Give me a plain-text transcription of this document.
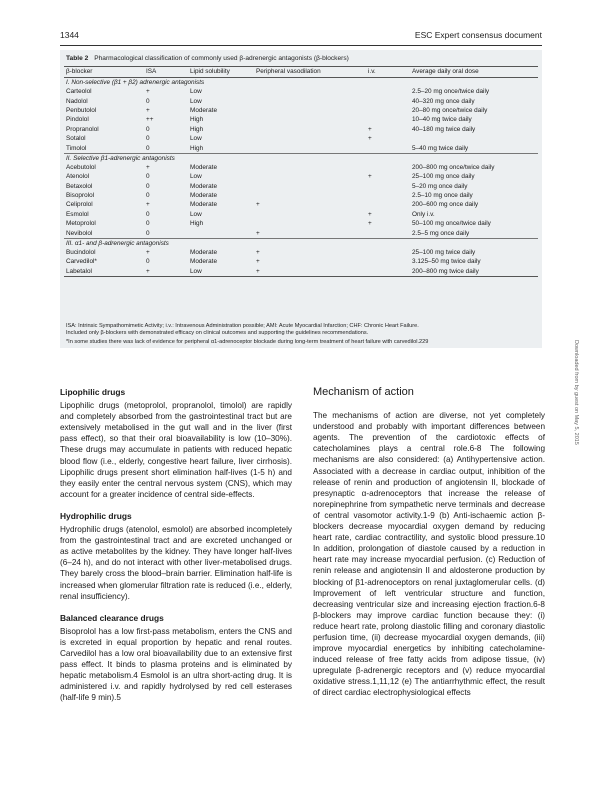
1344	ESC Expert consensus document
Table 2 Pharmacological classification of commonly used β-adrenergic antagonists (β-blockers)
β-blocker	ISA	Lipid solubility	Peripheral vasodilation	i.v.	Average daily oral dose
I. Non-selective (β1 + β2) adrenergic antagonists					
Carteolol	+	Low			2.5–20 mg once/twice daily
Nadolol	0	Low			40–320 mg once daily
Penbutolol	+	Moderate			20–80 mg once/twice daily
Pindolol	++	High			10–40 mg twice daily
Propranolol	0	High		+	40–180 mg twice daily
Sotalol	0	Low		+	
Timolol	0	High			5–40 mg twice daily
II. Selective β1-adrenergic antagonists					
Acebutolol	+	Moderate			200–800 mg once/twice daily
Atenolol	0	Low		+	25–100 mg once daily
Betaxolol	0	Moderate			5–20 mg once daily
Bisoprolol	0	Moderate			2.5–10 mg once daily
Celiprolol	+	Moderate	+		200–600 mg once daily
Esmolol	0	Low		+	Only i.v.
Metoprolol	0	High		+	50–100 mg once/twice daily
Nevibolol	0		+		2.5–5 mg once daily
III. α1- and β-adrenergic antagonists					
Bucindolol	+	Moderate	+		25–100 mg twice daily
Carvedilol*	0	Moderate	+		3.125–50 mg twice daily
Labetalol	+	Low	+		200–800 mg twice daily
ISA: Intrinsic Sympathomimetic Activity; i.v.: Intravenous Administration possible; AMI: Acute Myocardial Infarction; CHF: Chronic Heart Failure.
Included only β-blockers with demonstrated efficacy on clinical outcomes and supporting the guidelines recommendations.
*In some studies there was lack of evidence for peripheral α1-adrenoceptor blockade during long-term treatment of heart failure with carvedilol.229	Downloaded from by guest on May 5, 2015
Lipophilic drugs
Lipophilic drugs (metoprolol, propranolol, timolol) are rapidly and completely absorbed from the gastrointestinal tract but are extensively metabolised in the gut wall and in the liver (first pass effect), so that their oral bioavailability is low (10–30%). These drugs may accumulate in patients with reduced hepatic blood flow (i.e., elderly, congestive heart failure, liver cirrhosis). Lipophilic drugs present short elimination half-lives (1-5 h) and they easily enter the central nervous system (CNS), which may account for a greater incidence of central side-effects.
Hydrophilic drugs
Hydrophilic drugs (atenolol, esmolol) are absorbed incompletely from the gastrointestinal tract and are excreted unchanged or as active metabolites by the kidney. They have longer half-lives (6–24 h), and do not interact with other liver-metabolised drugs. They barely cross the blood–brain barrier. Elimination half-life is increased when glomerular filtration rate is reduced (i.e., elderly, renal insufficiency).
Balanced clearance drugs
Bisoprolol has a low first-pass metabolism, enters the CNS and is excreted in equal proportion by hepatic and renal routes. Carvedilol has a low oral bioavailability due to an extensive first pass effect. It binds to plasma proteins and is eliminated by hepatic metabolism.4 Esmolol is an ultra short-acting drug. It is administered i.v. and rapidly hydrolysed by red cell esterases (half-life 9 min).5
Mechanism of action
The mechanisms of action are diverse, not yet completely understood and probably with important differences between agents. The prevention of the cardiotoxic effects of catecholamines plays a central role.6-8 The following mechanisms are also considered: (a) Antihypertensive action. Associated with a decrease in cardiac output, inhibition of the release of renin and production of angiotensin II, blockade of presynaptic α-adrenoceptors that increase the release of norepinephrine from sympathetic nerve terminals and decrease of central vasomotor activity.1-9 (b) Anti-ischaemic action β-blockers decrease myocardial oxygen demand by reducing heart rate, cardiac contractility, and systolic blood pressure.10 In addition, prolongation of diastole caused by a reduction in heart rate may increase myocardial perfusion. (c) Reduction of renin release and angiotensin II and aldosterone production by blocking of β1-adrenoceptors on renal juxtaglomerular cells. (d) Improvement of left ventricular structure and function, decreasing ventricular size and increasing ejection fraction.6-8 β-blockers may improve cardiac function because they: (i) reduce heart rate, prolong diastolic filling and coronary diastolic perfusion time, (ii) decrease myocardial oxygen demands, (iii) improve myocardial energetics by inhibiting catecholamine-induced release of free fatty acids from adipose tissue, (iv) upregulate β-adrenergic receptors and (v) reduce myocardial oxidative stress.1,11,12 (e) The antiarrhythmic effect, the result of direct cardiac electrophysiological effects
